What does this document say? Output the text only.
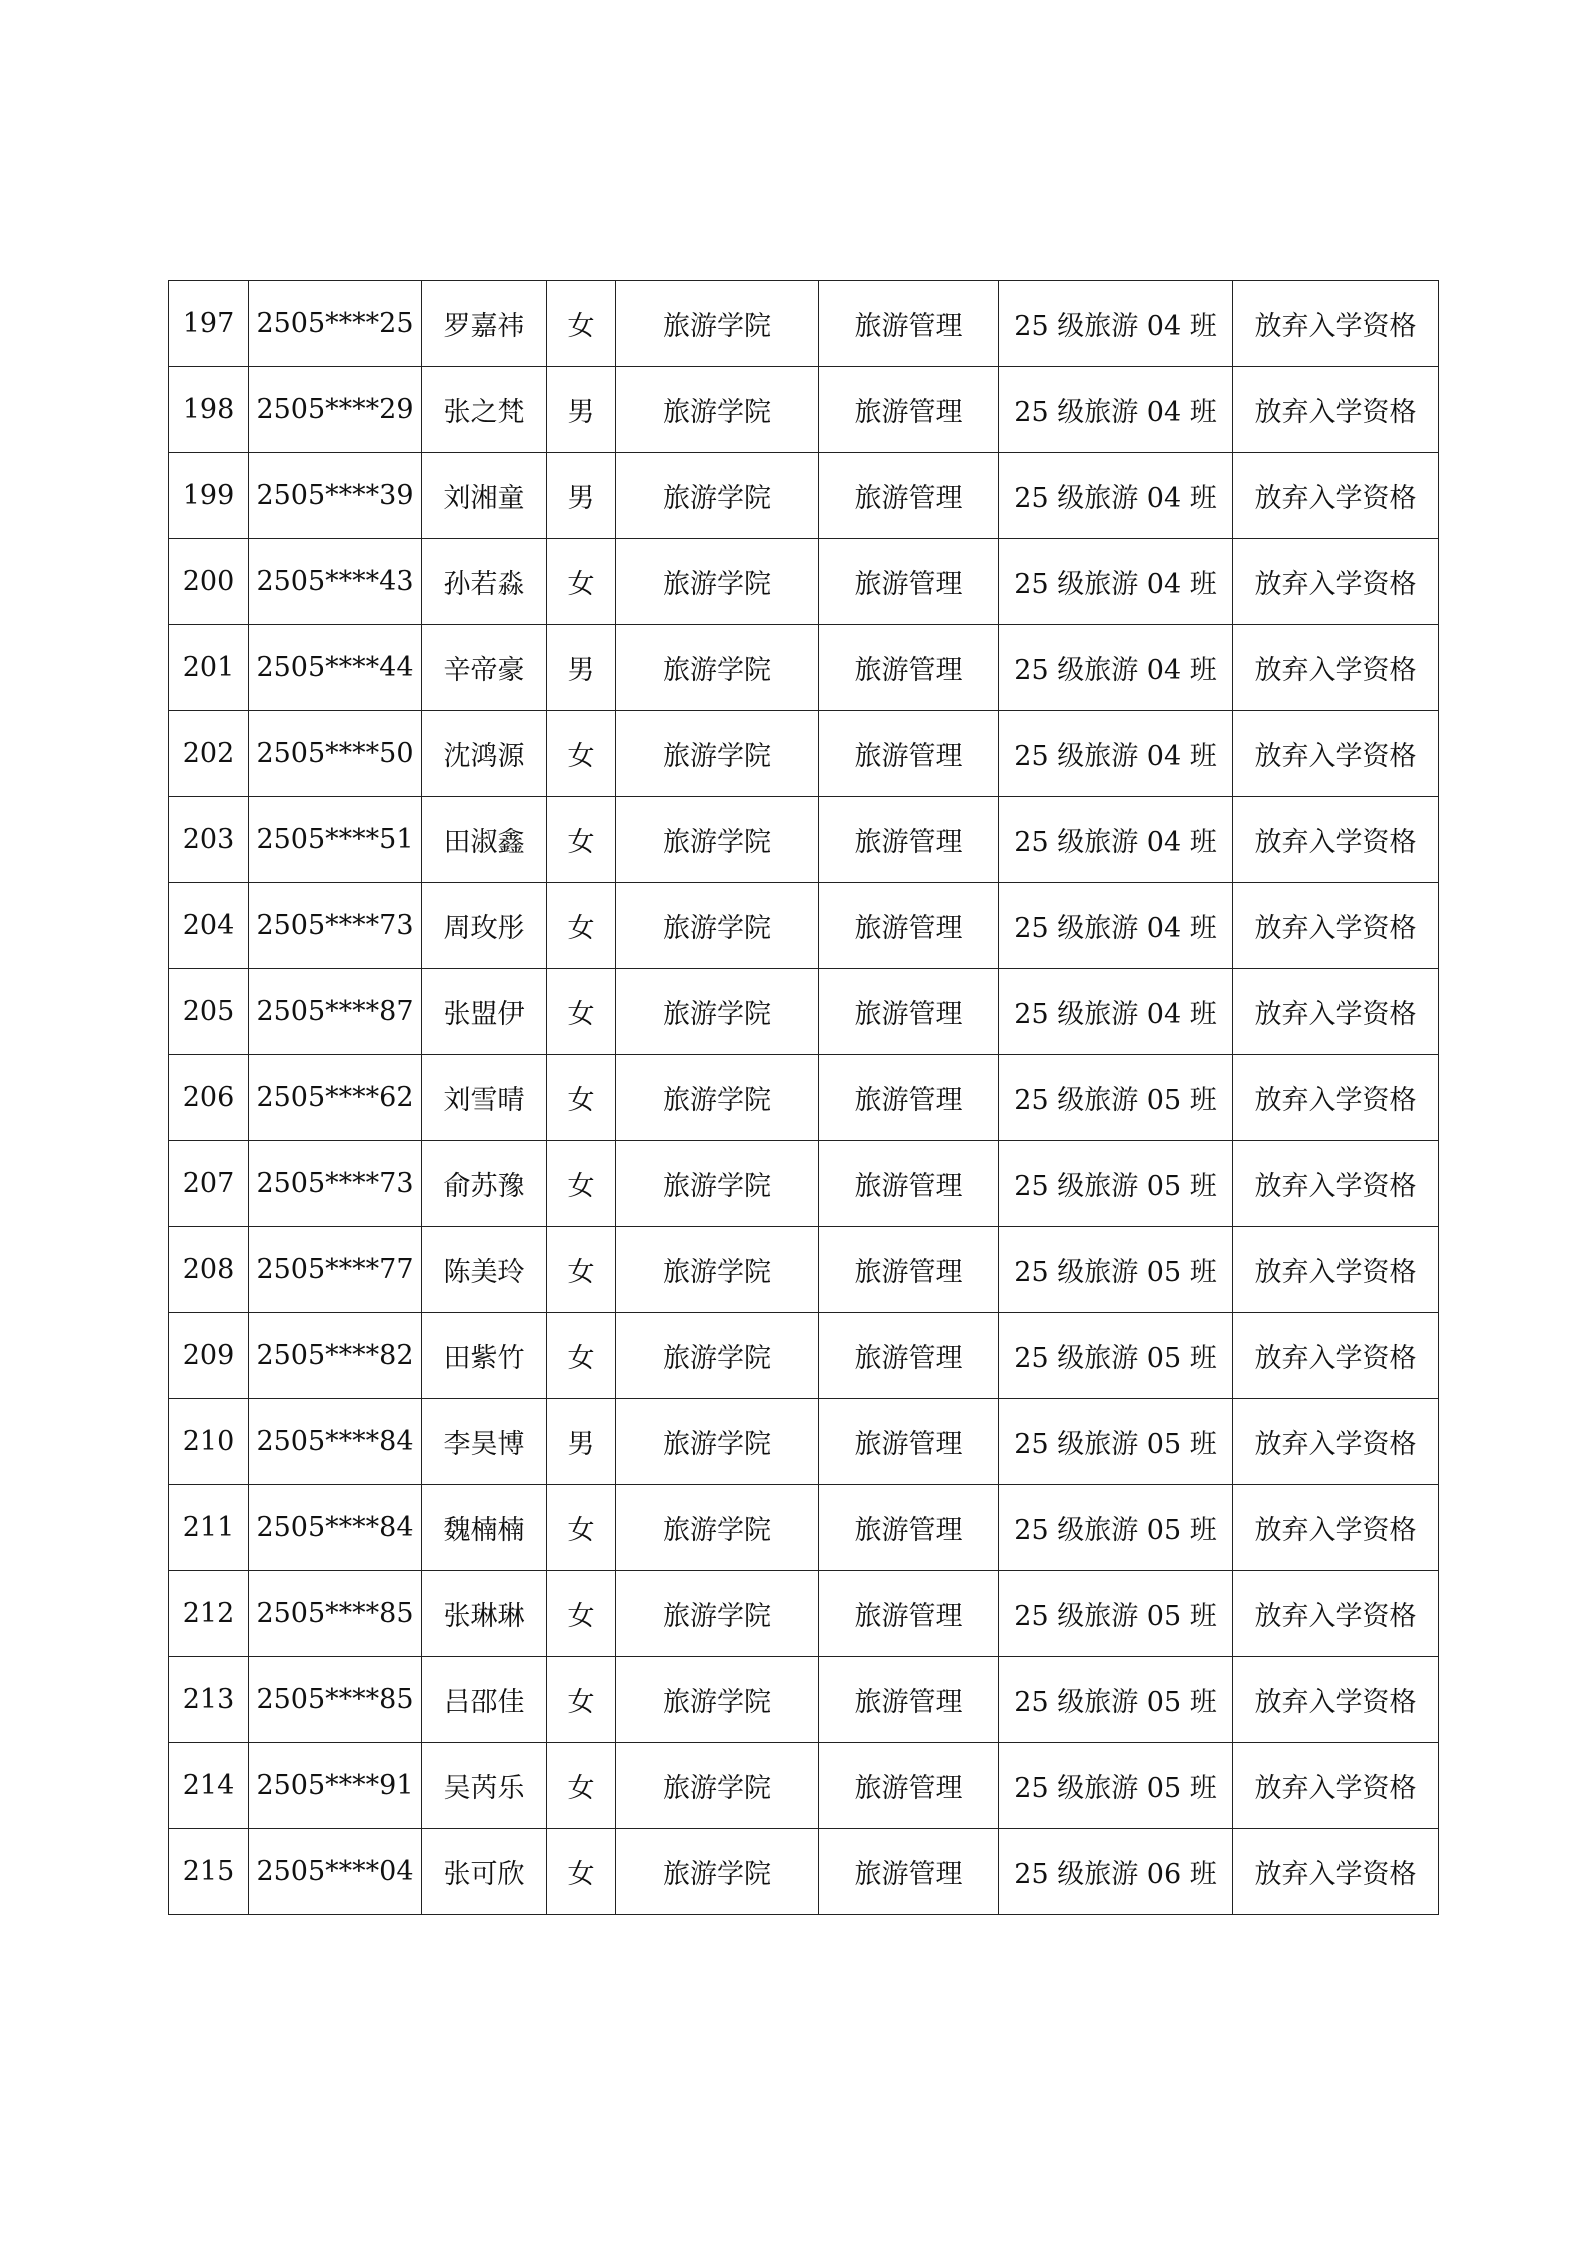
197	2505****25	罗嘉祎	女	旅游学院	旅游管理	25 级旅游 04 班	放弃入学资格
198	2505****29	张之梵	男	旅游学院	旅游管理	25 级旅游 04 班	放弃入学资格
199	2505****39	刘湘童	男	旅游学院	旅游管理	25 级旅游 04 班	放弃入学资格
200	2505****43	孙若淼	女	旅游学院	旅游管理	25 级旅游 04 班	放弃入学资格
201	2505****44	辛帝豪	男	旅游学院	旅游管理	25 级旅游 04 班	放弃入学资格
202	2505****50	沈鸿源	女	旅游学院	旅游管理	25 级旅游 04 班	放弃入学资格
203	2505****51	田淑鑫	女	旅游学院	旅游管理	25 级旅游 04 班	放弃入学资格
204	2505****73	周玫彤	女	旅游学院	旅游管理	25 级旅游 04 班	放弃入学资格
205	2505****87	张盟伊	女	旅游学院	旅游管理	25 级旅游 04 班	放弃入学资格
206	2505****62	刘雪晴	女	旅游学院	旅游管理	25 级旅游 05 班	放弃入学资格
207	2505****73	俞苏豫	女	旅游学院	旅游管理	25 级旅游 05 班	放弃入学资格
208	2505****77	陈美玲	女	旅游学院	旅游管理	25 级旅游 05 班	放弃入学资格
209	2505****82	田紫竹	女	旅游学院	旅游管理	25 级旅游 05 班	放弃入学资格
210	2505****84	李昊博	男	旅游学院	旅游管理	25 级旅游 05 班	放弃入学资格
211	2505****84	魏楠楠	女	旅游学院	旅游管理	25 级旅游 05 班	放弃入学资格
212	2505****85	张琳琳	女	旅游学院	旅游管理	25 级旅游 05 班	放弃入学资格
213	2505****85	吕邵佳	女	旅游学院	旅游管理	25 级旅游 05 班	放弃入学资格
214	2505****91	吴芮乐	女	旅游学院	旅游管理	25 级旅游 05 班	放弃入学资格
215	2505****04	张可欣	女	旅游学院	旅游管理	25 级旅游 06 班	放弃入学资格
